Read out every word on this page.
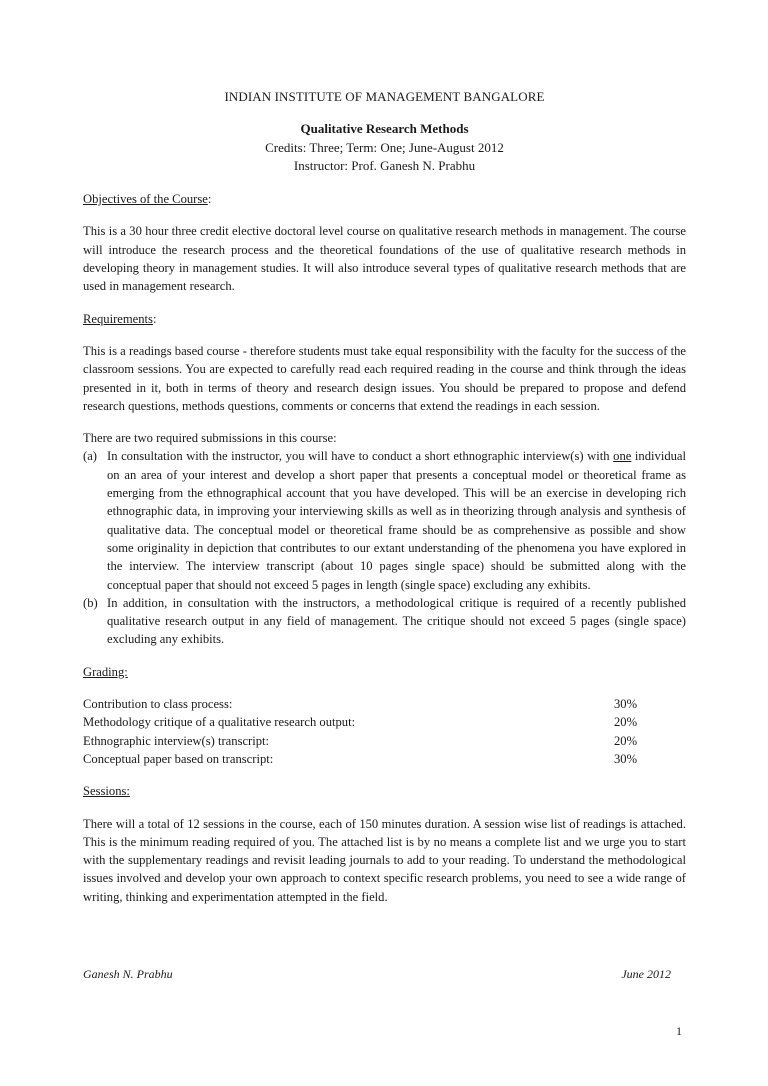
INDIAN INSTITUTE OF MANAGEMENT BANGALORE

Qualitative Research Methods

Credits: Three; Term: One; June-August 2012

Instructor: Prof. Ganesh N. Prabhu

Objectives of the Course:

This is a 30 hour three credit elective doctoral level course on qualitative research methods in management. The course will introduce the research process and the theoretical foundations of the use of qualitative research methods in developing theory in management studies. It will also introduce several types of qualitative research methods that are used in management research.

Requirements:

This is a readings based course - therefore students must take equal responsibility with the faculty for the success of the classroom sessions. You are expected to carefully read each required reading in the course and think through the ideas presented in it, both in terms of theory and research design issues. You should be prepared to propose and defend research questions, methods questions, comments or concerns that extend the readings in each session.

There are two required submissions in this course:

(a) In consultation with the instructor, you will have to conduct a short ethnographic interview(s) with one individual on an area of your interest and develop a short paper that presents a conceptual model or theoretical frame as emerging from the ethnographical account that you have developed. This will be an exercise in developing rich ethnographic data, in improving your interviewing skills as well as in theorizing through analysis and synthesis of qualitative data. The conceptual model or theoretical frame should be as comprehensive as possible and show some originality in depiction that contributes to our extant understanding of the phenomena you have explored in the interview. The interview transcript (about 10 pages single space) should be submitted along with the conceptual paper that should not exceed 5 pages in length (single space) excluding any exhibits.
(b) In addition, in consultation with the instructors, a methodological critique is required of a recently published qualitative research output in any field of management. The critique should not exceed 5 pages (single space) excluding any exhibits.

Grading:

Contribution to class process:	30%
Methodology critique of a qualitative research output:	20%
Ethnographic interview(s) transcript:	20%
Conceptual paper based on transcript:	30%

Sessions:

There will a total of 12 sessions in the course, each of 150 minutes duration. A session wise list of readings is attached. This is the minimum reading required of you. The attached list is by no means a complete list and we urge you to start with the supplementary readings and revisit leading journals to add to your reading. To understand the methodological issues involved and develop your own approach to context specific research problems, you need to see a wide range of writing, thinking and experimentation attempted in the field.

Ganesh N. Prabhu	June 2012
1
